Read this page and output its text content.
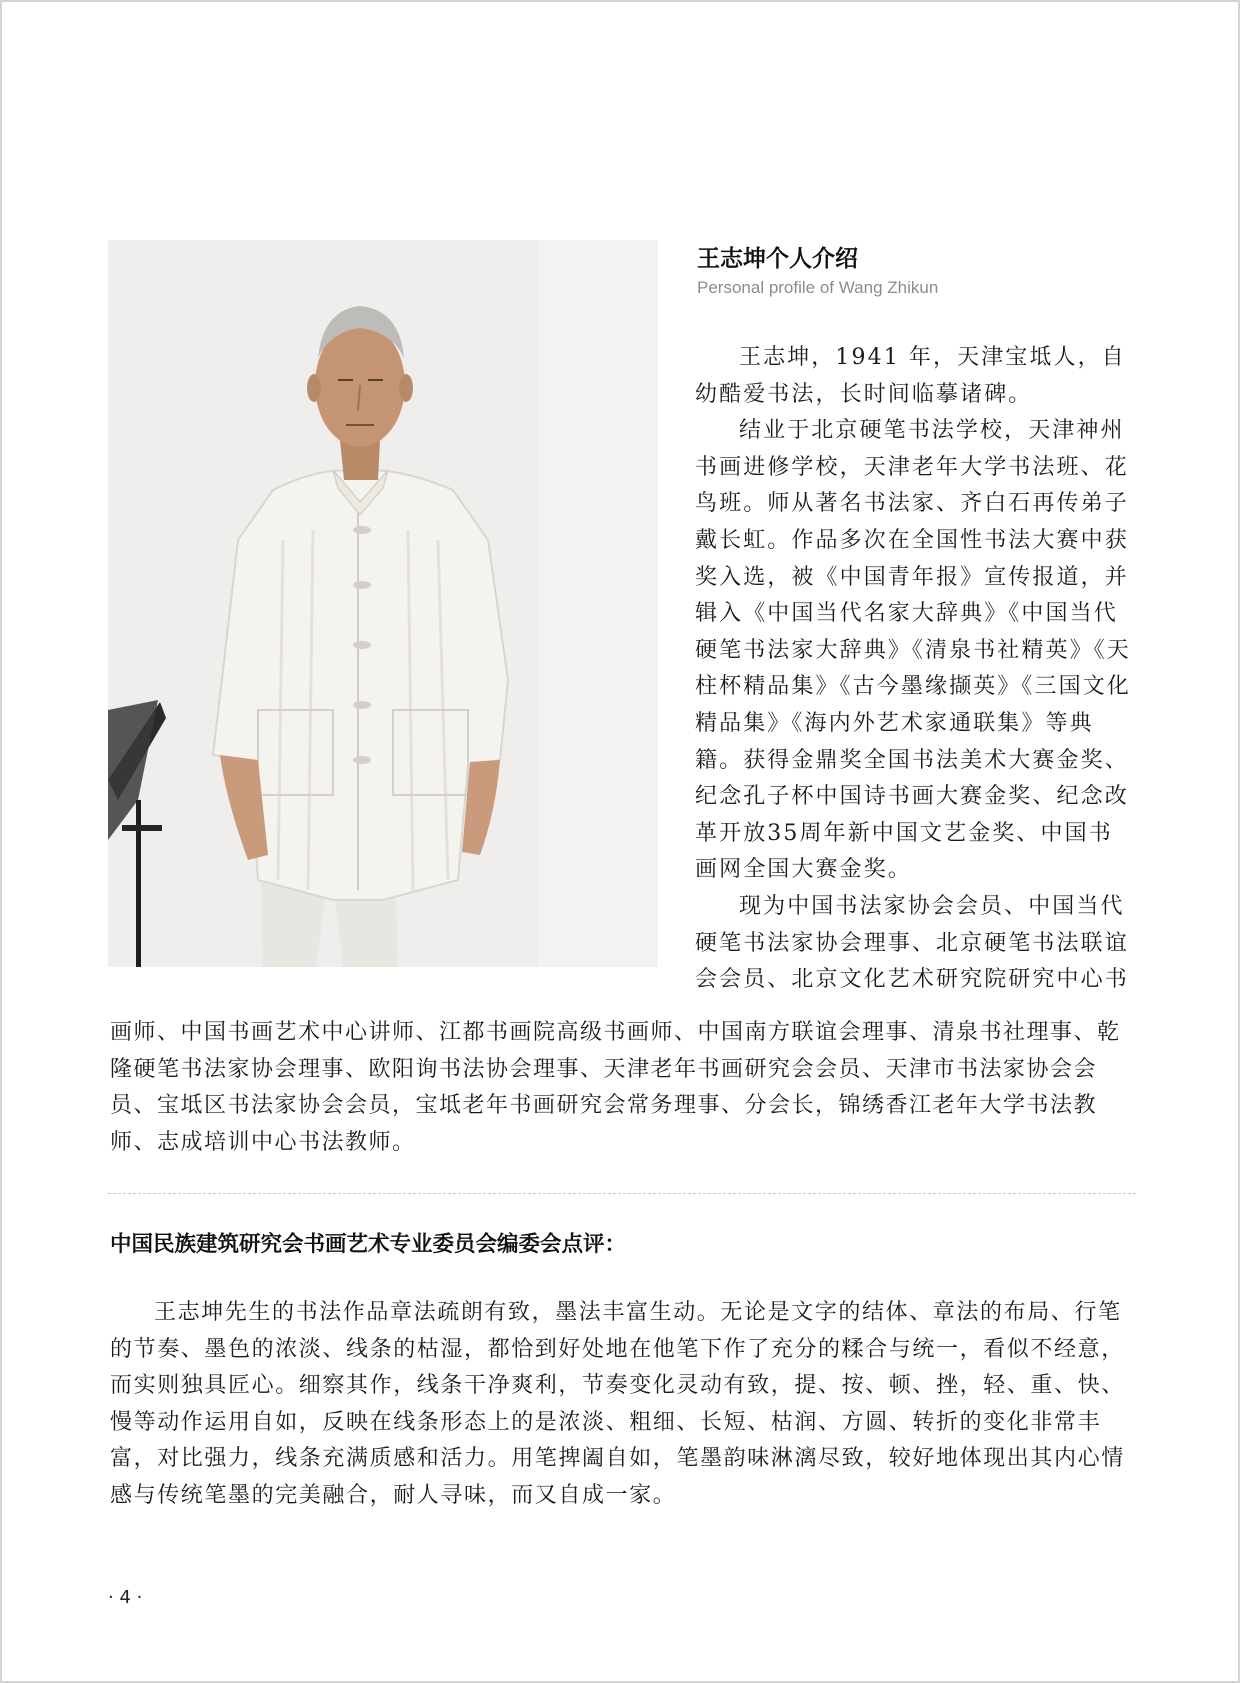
王志坤个人介绍
Personal profile of Wang Zhikun

王志坤，1941 年，天津宝坻人，自幼酷爱书法，长时间临摹诸碑。

结业于北京硬笔书法学校，天津神州书画进修学校，天津老年大学书法班、花鸟班。师从著名书法家、齐白石再传弟子戴长虹。作品多次在全国性书法大赛中获奖入选，被《中国青年报》宣传报道，并辑入《中国当代名家大辞典》《中国当代硬笔书法家大辞典》《清泉书社精英》《天柱杯精品集》《古今墨缘撷英》《三国文化精品集》《海内外艺术家通联集》等典籍。获得金鼎奖全国书法美术大赛金奖、纪念孔子杯中国诗书画大赛金奖、纪念改革开放35周年新中国文艺金奖、中国书画网全国大赛金奖。

现为中国书法家协会会员、中国当代硬笔书法家协会理事、北京硬笔书法联谊会会员、北京文化艺术研究院研究中心书

画师、中国书画艺术中心讲师、江都书画院高级书画师、中国南方联谊会理事、清泉书社理事、乾隆硬笔书法家协会理事、欧阳询书法协会理事、天津老年书画研究会会员、天津市书法家协会会员、宝坻区书法家协会会员，宝坻老年书画研究会常务理事、分会长，锦绣香江老年大学书法教师、志成培训中心书法教师。

中国民族建筑研究会书画艺术专业委员会编委会点评：

王志坤先生的书法作品章法疏朗有致，墨法丰富生动。无论是文字的结体、章法的布局、行笔的节奏、墨色的浓淡、线条的枯湿，都恰到好处地在他笔下作了充分的糅合与统一，看似不经意，而实则独具匠心。细察其作，线条干净爽利，节奏变化灵动有致，提、按、顿、挫，轻、重、快、慢等动作运用自如，反映在线条形态上的是浓淡、粗细、长短、枯润、方圆、转折的变化非常丰富，对比强力，线条充满质感和活力。用笔捭阖自如，笔墨韵味淋漓尽致，较好地体现出其内心情感与传统笔墨的完美融合，耐人寻味，而又自成一家。

· 4 ·
